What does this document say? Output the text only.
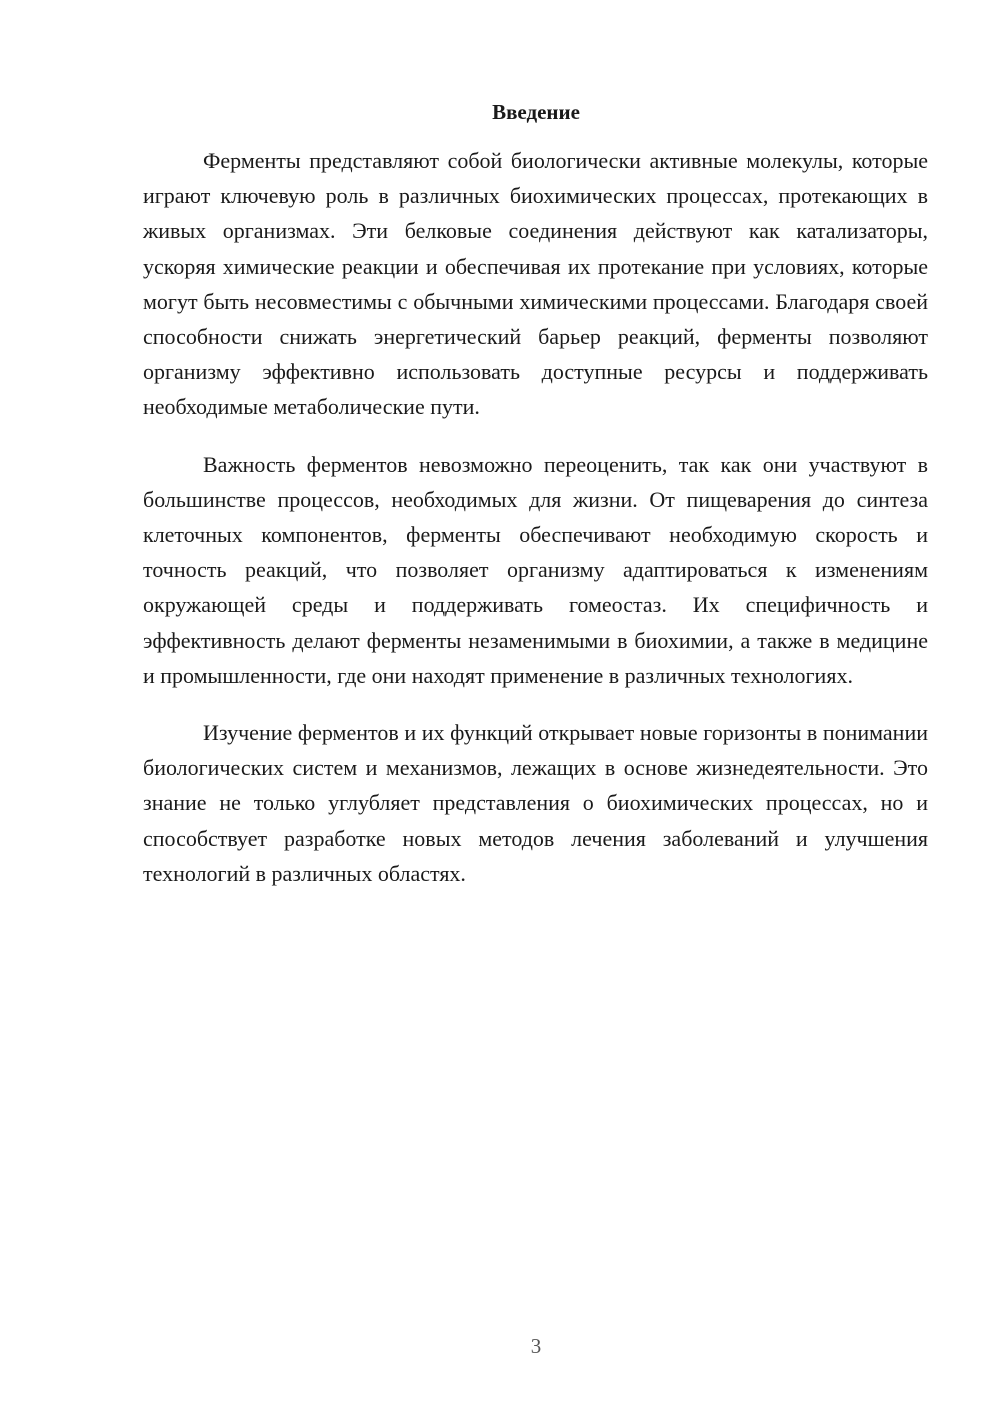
Введение

Ферменты представляют собой биологически активные молекулы, которые играют ключевую роль в различных биохимических процессах, протекающих в живых организмах. Эти белковые соединения действуют как катализаторы, ускоряя химические реакции и обеспечивая их протекание при условиях, которые могут быть несовместимы с обычными химическими процессами. Благодаря своей способности снижать энергетический барьер реакций, ферменты позволяют организму эффективно использовать доступные ресурсы и поддерживать необходимые метаболические пути.

Важность ферментов невозможно переоценить, так как они участвуют в большинстве процессов, необходимых для жизни. От пищеварения до синтеза клеточных компонентов, ферменты обеспечивают необходимую скорость и точность реакций, что позволяет организму адаптироваться к изменениям окружающей среды и поддерживать гомеостаз. Их специфичность и эффективность делают ферменты незаменимыми в биохимии, а также в медицине и промышленности, где они находят применение в различных технологиях.

Изучение ферментов и их функций открывает новые горизонты в понимании биологических систем и механизмов, лежащих в основе жизнедеятельности. Это знание не только углубляет представления о биохимических процессах, но и способствует разработке новых методов лечения заболеваний и улучшения технологий в различных областях.

3
